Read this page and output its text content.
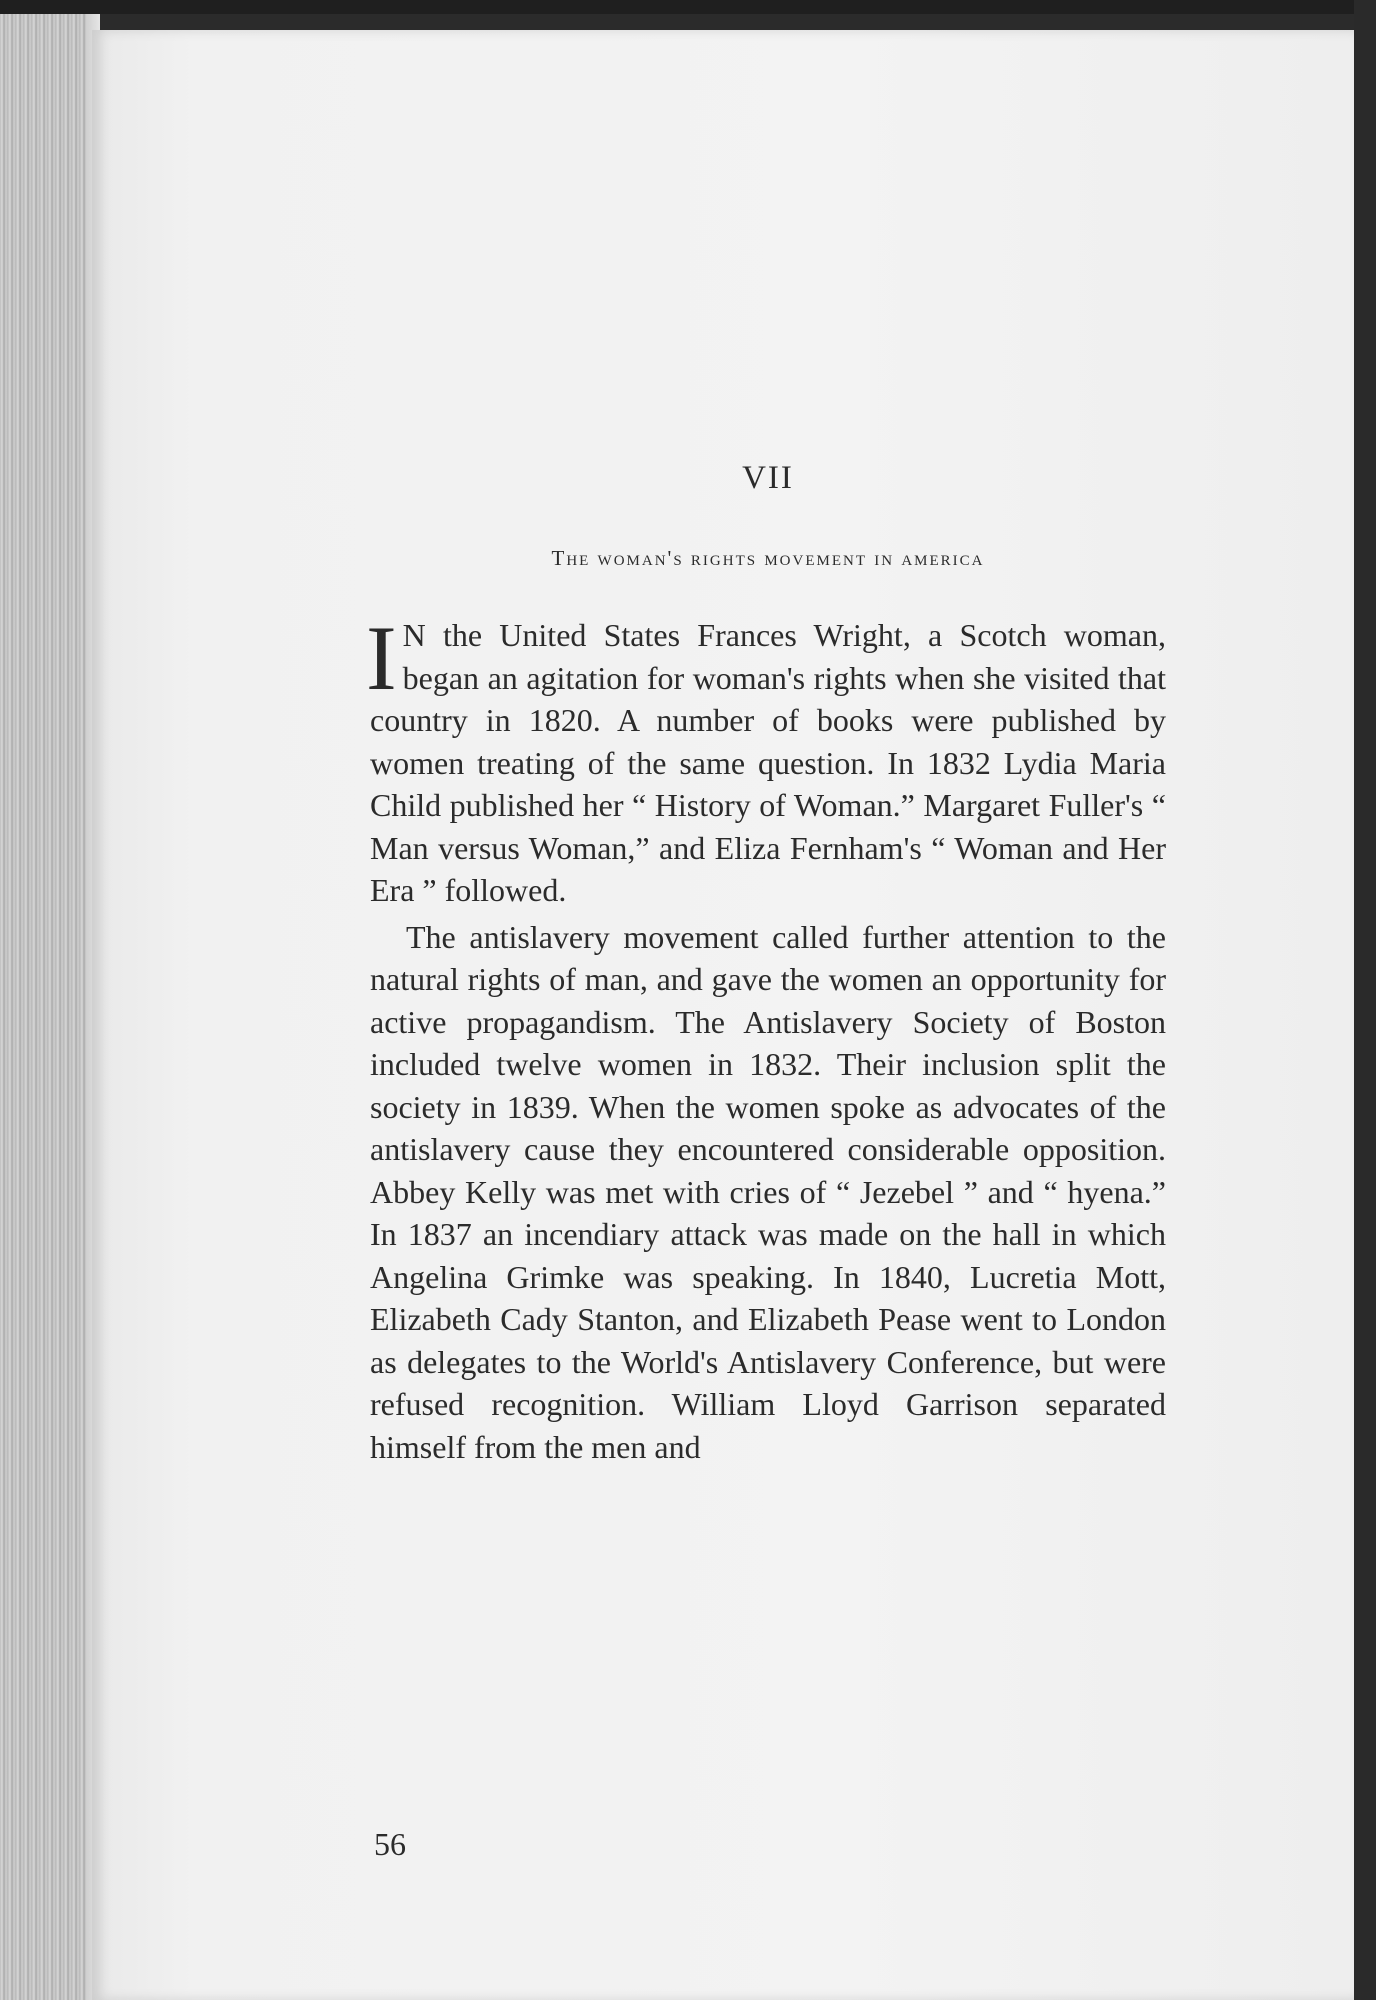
VII
The woman's rights movement in america

I N the United States Frances Wright, a Scotch woman, began an agitation for woman's rights when she visited that country in 1820. A number of books were published by women treating of the same question. In 1832 Lydia Maria Child published her “ History of Woman.” Margaret Fuller's “ Man versus Woman,” and Eliza Fernham's “ Woman and Her Era ” followed.

The antislavery movement called further attention to the natural rights of man, and gave the women an opportunity for active propagandism. The Antislavery Society of Boston included twelve women in 1832. Their inclusion split the society in 1839. When the women spoke as advocates of the antislavery cause they encountered considerable opposition. Abbey Kelly was met with cries of “ Jezebel ” and “ hyena.” In 1837 an incendiary attack was made on the hall in which Angelina Grimke was speaking. In 1840, Lucretia Mott, Elizabeth Cady Stanton, and Elizabeth Pease went to London as delegates to the World's Antislavery Conference, but were refused recognition. William Lloyd Garrison separated himself from the men and

56
